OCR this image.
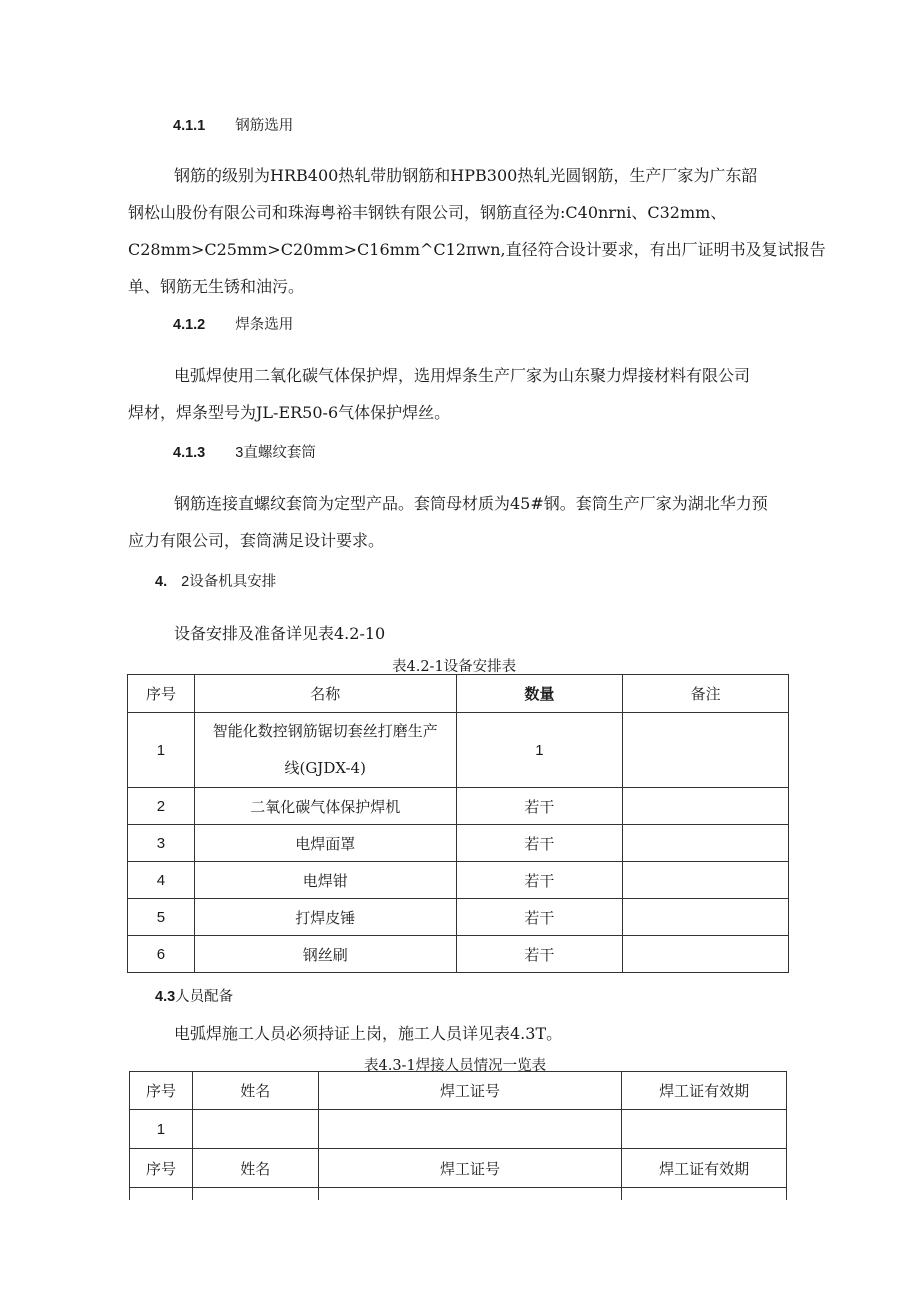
4.1.1 钢筋选用
钢筋的级别为HRB400热轧带肋钢筋和HPB300热轧光圆钢筋，生产厂家为广东韶
钢松山股份有限公司和珠海粤裕丰钢铁有限公司，钢筋直径为:C40nrni、C32mm、
C28mm>C25mm>C20mm>C16mm^C12πwn,直径符合设计要求，有出厂证明书及复试报告
单、钢筋无生锈和油污。
4.1.2 焊条选用
电弧焊使用二氧化碳气体保护焊，选用焊条生产厂家为山东聚力焊接材料有限公司
焊材，焊条型号为JL-ER50-6气体保护焊丝。
4.1.3 3直螺纹套筒
钢筋连接直螺纹套筒为定型产品。套筒母材质为45#钢。套筒生产厂家为湖北华力预
应力有限公司，套筒满足设计要求。
4. 2设备机具安排
设备安排及准备详见表4.2-10
表4.2-1设备安排表
序号	名称	数量	备注
1	智能化数控钢筋锯切套丝打磨生产
线(GJDX-4)	1	
2	二氧化碳气体保护焊机	若干	
3	电焊面罩	若干	
4	电焊钳	若干	
5	打焊皮锤	若干	
6	钢丝刷	若干	
4.3人员配备
电弧焊施工人员必须持证上岗，施工人员详见表4.3T。
表4.3-1焊接人员情况一览表
序号	姓名	焊工证号	焊工证有效期
1			
序号	姓名	焊工证号	焊工证有效期
